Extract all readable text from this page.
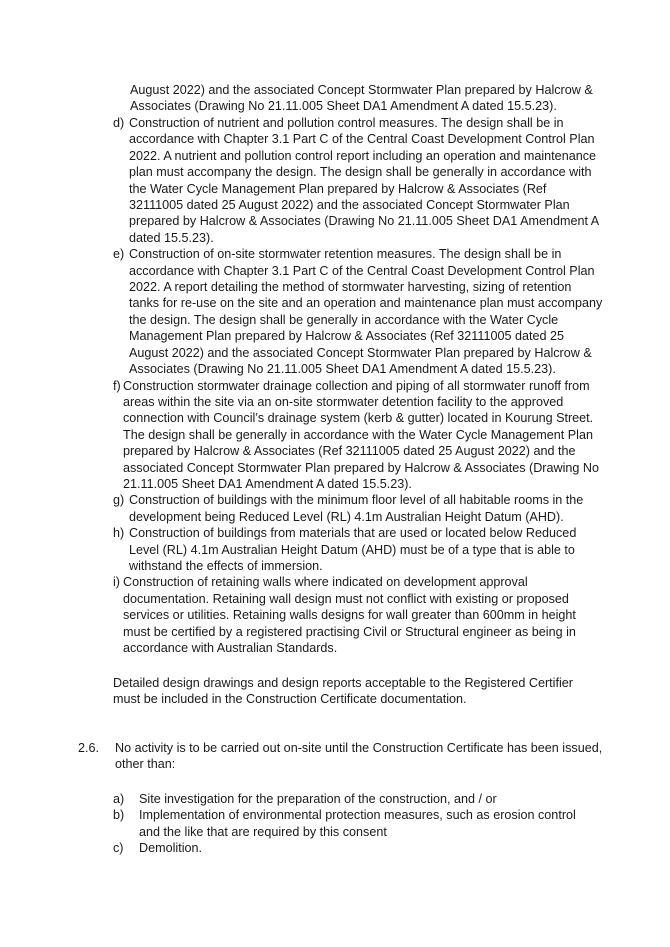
August 2022) and the associated Concept Stormwater Plan prepared by Halcrow & Associates (Drawing No 21.11.005 Sheet DA1 Amendment A dated 15.5.23).

d) Construction of nutrient and pollution control measures. The design shall be in accordance with Chapter 3.1 Part C of the Central Coast Development Control Plan 2022. A nutrient and pollution control report including an operation and maintenance plan must accompany the design. The design shall be generally in accordance with the Water Cycle Management Plan prepared by Halcrow & Associates (Ref 32111005 dated 25 August 2022) and the associated Concept Stormwater Plan prepared by Halcrow & Associates (Drawing No 21.11.005 Sheet DA1 Amendment A dated 15.5.23).
e) Construction of on-site stormwater retention measures. The design shall be in accordance with Chapter 3.1 Part C of the Central Coast Development Control Plan 2022. A report detailing the method of stormwater harvesting, sizing of retention tanks for re-use on the site and an operation and maintenance plan must accompany the design. The design shall be generally in accordance with the Water Cycle Management Plan prepared by Halcrow & Associates (Ref 32111005 dated 25 August 2022) and the associated Concept Stormwater Plan prepared by Halcrow & Associates (Drawing No 21.11.005 Sheet DA1 Amendment A dated 15.5.23).
f) Construction stormwater drainage collection and piping of all stormwater runoff from areas within the site via an on-site stormwater detention facility to the approved connection with Council’s drainage system (kerb & gutter) located in Kourung Street. The design shall be generally in accordance with the Water Cycle Management Plan prepared by Halcrow & Associates (Ref 32111005 dated 25 August 2022) and the associated Concept Stormwater Plan prepared by Halcrow & Associates (Drawing No 21.11.005 Sheet DA1 Amendment A dated 15.5.23).
g) Construction of buildings with the minimum floor level of all habitable rooms in the development being Reduced Level (RL) 4.1m Australian Height Datum (AHD).
h) Construction of buildings from materials that are used or located below Reduced Level (RL) 4.1m Australian Height Datum (AHD) must be of a type that is able to withstand the effects of immersion.
i) Construction of retaining walls where indicated on development approval documentation. Retaining wall design must not conflict with existing or proposed services or utilities. Retaining walls designs for wall greater than 600mm in height must be certified by a registered practising Civil or Structural engineer as being in accordance with Australian Standards.

Detailed design drawings and design reports acceptable to the Registered Certifier must be included in the Construction Certificate documentation.

2.6.	No activity is to be carried out on-site until the Construction Certificate has been issued, other than:
a)	Site investigation for the preparation of the construction, and / or
b)	Implementation of environmental protection measures, such as erosion control and the like that are required by this consent
c)	Demolition.
